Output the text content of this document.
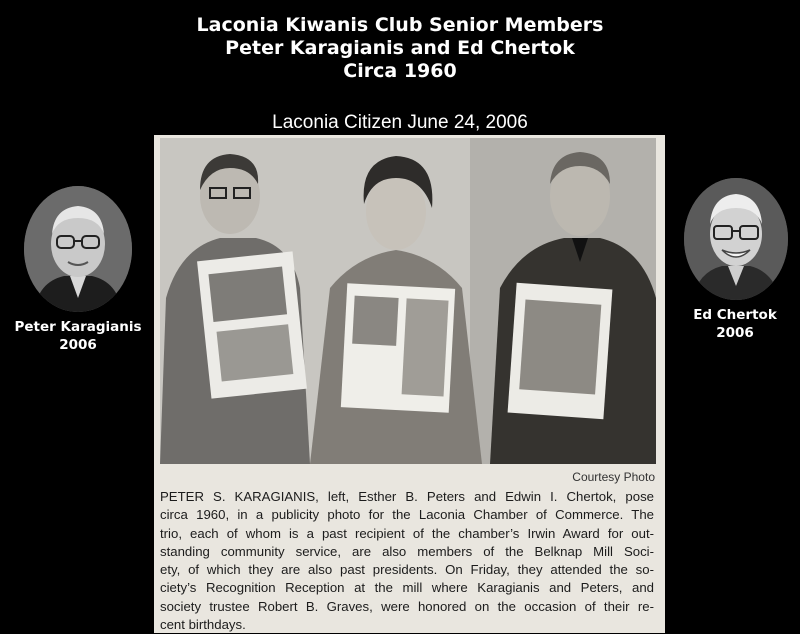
Laconia Kiwanis Club Senior Members
Peter Karagianis and Ed Chertok
Circa 1960
Laconia Citizen June 24, 2006
Peter Karagianis
2006
Ed Chertok
2006
Courtesy Photo
PETER S. KARAGIANIS, left, Esther B. Peters and Edwin I. Chertok, pose
circa 1960, in a publicity photo for the Laconia Chamber of Commerce. The
trio, each of whom is a past recipient of the chamber’s Irwin Award for out-
standing community service, are also members of the Belknap Mill Soci-
ety, of which they are also past presidents. On Friday, they attended the so-
ciety’s Recognition Reception at the mill where Karagianis and Peters, and
society trustee Robert B. Graves, were honored on the occasion of their re-
cent birthdays.
